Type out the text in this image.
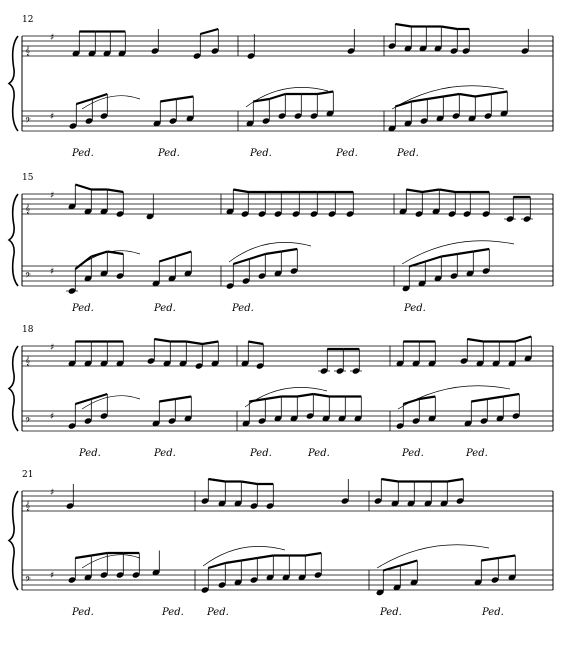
𝄞
♯
𝄢 ♯
12
Ped.	Ped.	Ped.	Ped.	Ped.
𝄞
♯
𝄢 ♯
15
Ped.	Ped.	Ped.	Ped.
𝄞
♯
𝄢 ♯
18
Ped.	Ped.	Ped.	Ped.	Ped.	Ped.
𝄞
♯
𝄢 ♯
21
Ped.	Ped. Ped.	Ped.	Ped.
